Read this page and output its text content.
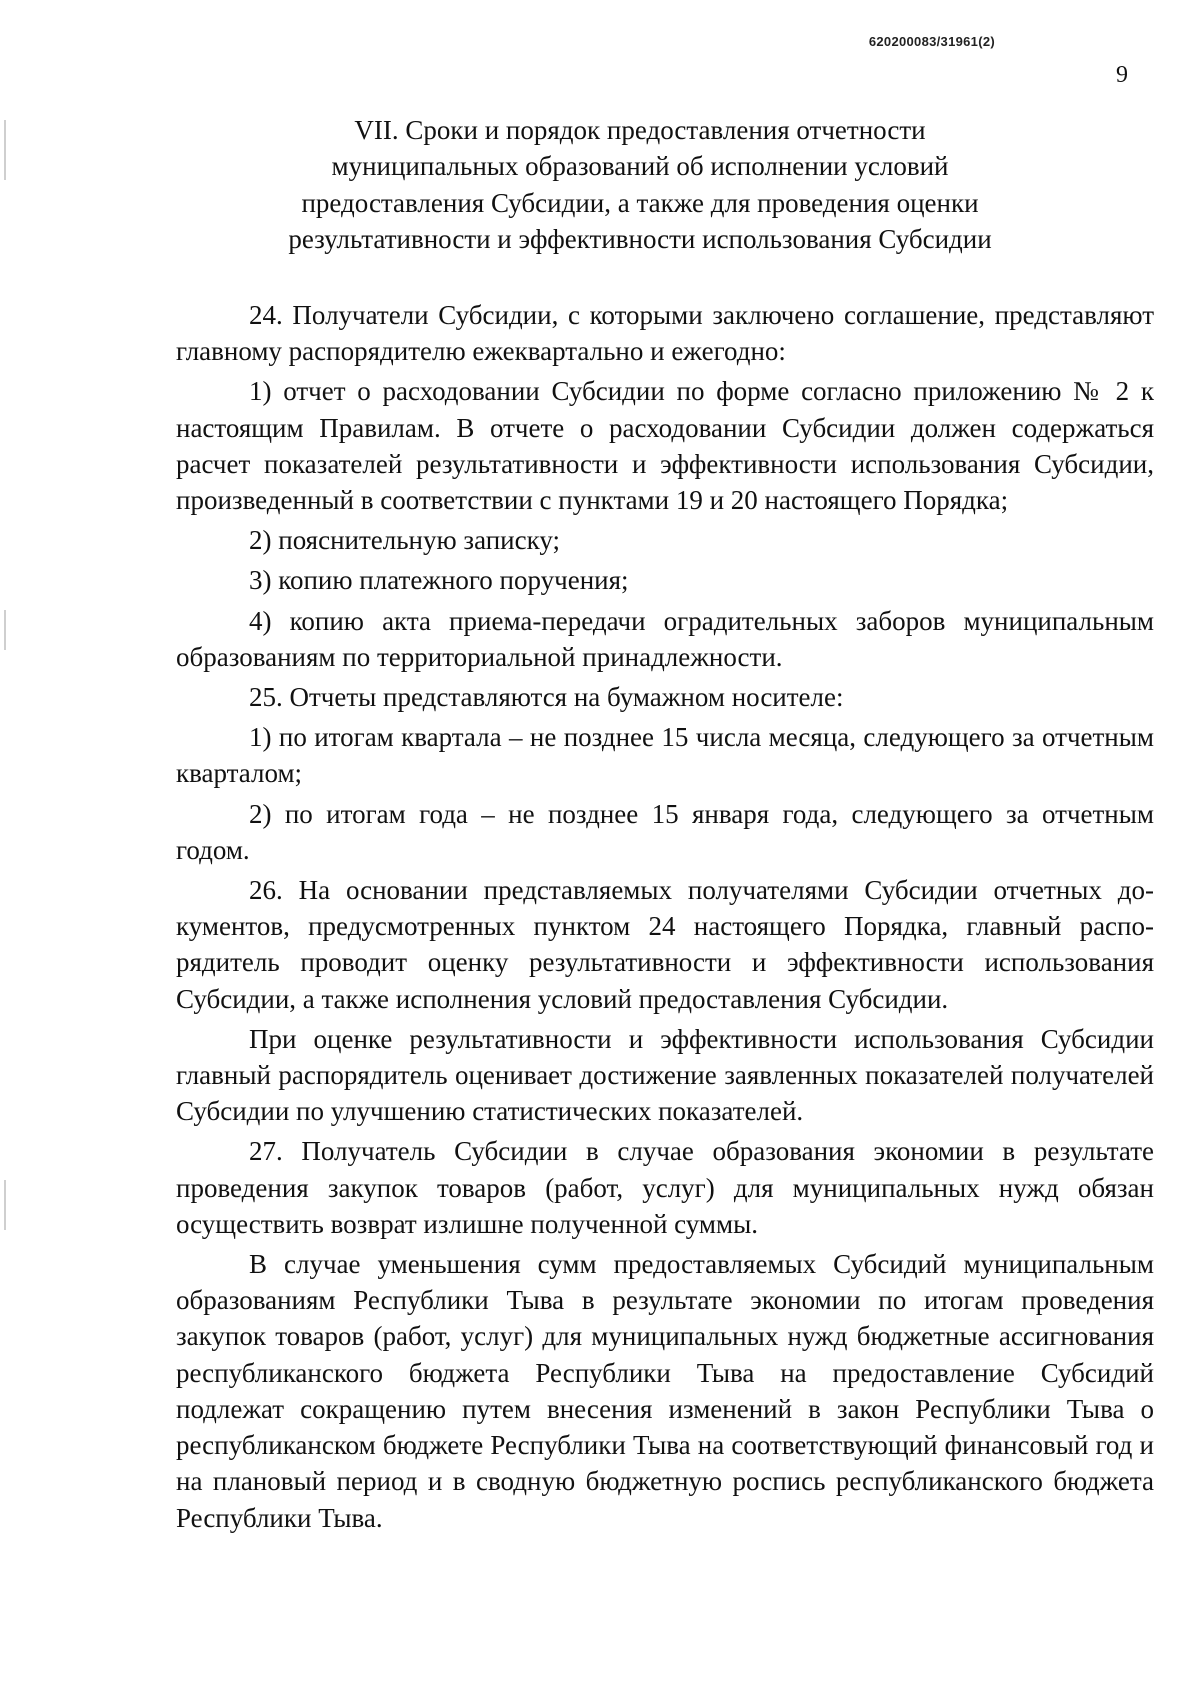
620200083/31961(2)
9
VII. Сроки и порядок предоставления отчетности
муниципальных образований об исполнении условий
предоставления Субсидии, а также для проведения оценки
результативности и эффективности использования Субсидии

24. Получатели Субсидии, с которыми заключено соглашение, представляют главному распорядителю ежеквартально и ежегодно:

1) отчет о расходовании Субсидии по форме согласно приложению № 2 к настоящим Правилам. В отчете о расходовании Субсидии должен содержаться расчет показателей результативности и эффективности использования Субсидии, произведенный в соответствии с пунктами 19 и 20 настоящего Порядка;

2) пояснительную записку;

3) копию платежного поручения;

4) копию акта приема-передачи оградительных заборов муниципальным образованиям по территориальной принадлежности.

25. Отчеты представляются на бумажном носителе:

1) по итогам квартала – не позднее 15 числа месяца, следующего за отчетным кварталом;

2) по итогам года – не позднее 15 января года, следующего за отчетным годом.

26. На основании представляемых получателями Субсидии отчетных документов, предусмотренных пунктом 24 настоящего Порядка, главный распорядитель проводит оценку результативности и эффективности использования Субсидии, а также исполнения условий предоставления Субсидии.

При оценке результативности и эффективности использования Субсидии главный распорядитель оценивает достижение заявленных показателей получателей Субсидии по улучшению статистических показателей.

27. Получатель Субсидии в случае образования экономии в результате проведения закупок товаров (работ, услуг) для муниципальных нужд обязан осуществить возврат излишне полученной суммы.

В случае уменьшения сумм предоставляемых Субсидий муниципальным образованиям Республики Тыва в результате экономии по итогам проведения закупок товаров (работ, услуг) для муниципальных нужд бюджетные ассигнования республиканского бюджета Республики Тыва на предоставление Субсидий подлежат сокращению путем внесения изменений в закон Республики Тыва о республиканском бюджете Республики Тыва на соответствующий финансовый год и на плановый период и в сводную бюджетную роспись республиканского бюджета Республики Тыва.
